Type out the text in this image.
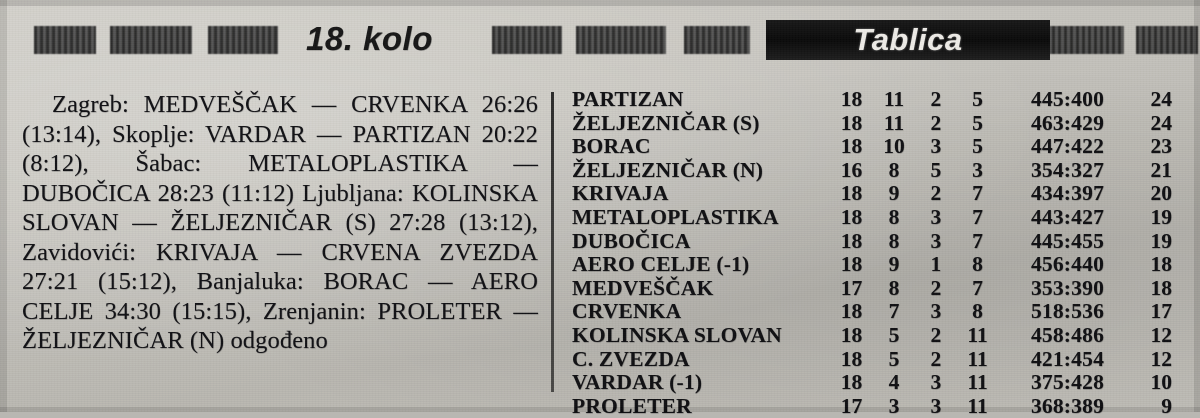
18. kolo	Tablica
Zagreb: MEDVEŠČAK — CRVENKA 26:26 (13:14), Skoplje: VARDAR — PARTIZAN 20:22 (8:12), Šabac: METALOPLASTIKA — DUBOČICA 28:23 (11:12) Ljubljana: KOLINSKA SLOVAN — ŽELJEZNIČAR (S) 27:28 (13:12), Zavidovići: KRIVAJA — CRVENA ZVEZDA 27:21 (15:12), Banjaluka: BORAC — AERO CELJE 34:30 (15:15), Zrenjanin: PROLETER — ŽELJEZNIČAR (N) odgođeno
PARTIZAN	18	11	2	5		445:400	24
ŽELJEZNIČAR (S)	18	11	2	5		463:429	24
BORAC	18	10	3	5		447:422	23
ŽELJEZNIČAR (N)	16	8	5	3		354:327	21
KRIVAJA	18	9	2	7		434:397	20
METALOPLASTIKA	18	8	3	7		443:427	19
DUBOČICA	18	8	3	7		445:455	19
AERO CELJE (-1)	18	9	1	8		456:440	18
MEDVEŠČAK	17	8	2	7		353:390	18
CRVENKA	18	7	3	8		518:536	17
KOLINSKA SLOVAN	18	5	2	11		458:486	12
C. ZVEZDA	18	5	2	11		421:454	12
VARDAR (-1)	18	4	3	11		375:428	10
PROLETER	17	3	3	11		368:389	9
